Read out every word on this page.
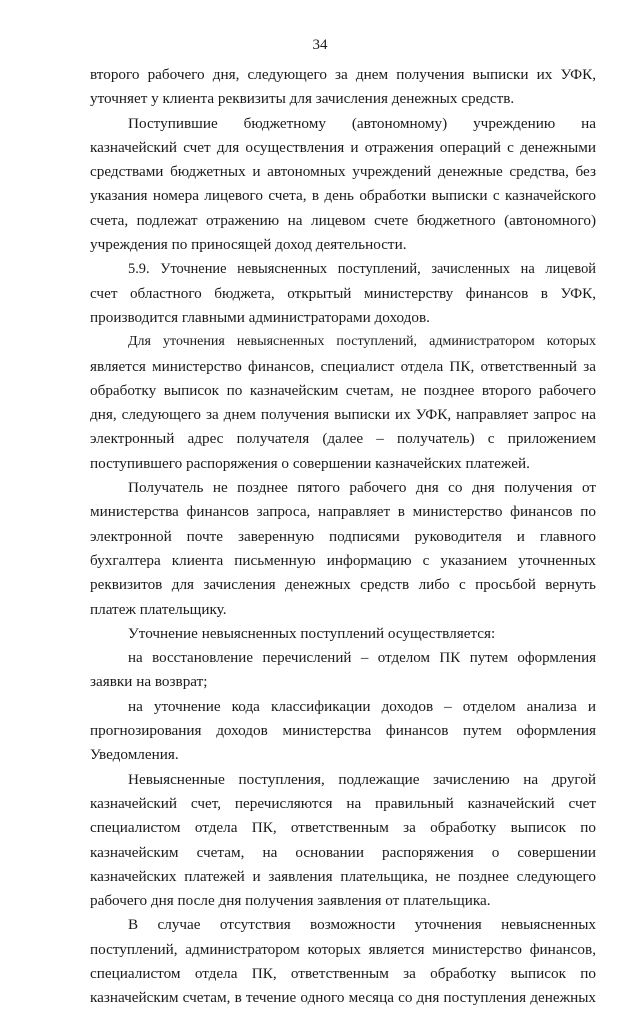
34
второго рабочего дня, следующего за днем получения выписки их УФК,
уточняет у клиента реквизиты для зачисления денежных средств.
Поступившие бюджетному (автономному) учреждению на
казначейский счет для осуществления и отражения операций с денежными
средствами бюджетных и автономных учреждений денежные средства, без
указания номера лицевого счета, в день обработки выписки с казначейского
счета, подлежат отражению на лицевом счете бюджетного (автономного)
учреждения по приносящей доход деятельности.
5.9. Уточнение невыясненных поступлений, зачисленных на лицевой
счет областного бюджета, открытый министерству финансов в УФК,
производится главными администраторами доходов.
Для уточнения невыясненных поступлений, администратором которых
является министерство финансов, специалист отдела ПК, ответственный за
обработку выписок по казначейским счетам, не позднее второго рабочего
дня, следующего за днем получения выписки их УФК, направляет запрос на
электронный адрес получателя (далее – получатель) с приложением
поступившего распоряжения о совершении казначейских платежей.
Получатель не позднее пятого рабочего дня со дня получения от
министерства финансов запроса, направляет в министерство финансов по
электронной почте заверенную подписями руководителя и главного
бухгалтера клиента письменную информацию с указанием уточненных
реквизитов для зачисления денежных средств либо с просьбой вернуть
платеж плательщику.
Уточнение невыясненных поступлений осуществляется:
на восстановление перечислений – отделом ПК путем оформления
заявки на возврат;
на уточнение кода классификации доходов – отделом анализа и
прогнозирования доходов министерства финансов путем оформления
Уведомления.
Невыясненные поступления, подлежащие зачислению на другой
казначейский счет, перечисляются на правильный казначейский счет
специалистом отдела ПК, ответственным за обработку выписок по
казначейским счетам, на основании распоряжения о совершении
казначейских платежей и заявления плательщика, не позднее следующего
рабочего дня после дня получения заявления от плательщика.
В случае отсутствия возможности уточнения невыясненных
поступлений, администратором которых является министерство финансов,
специалистом отдела ПК, ответственным за обработку выписок по
казначейским счетам, в течение одного месяца со дня поступления денежных
